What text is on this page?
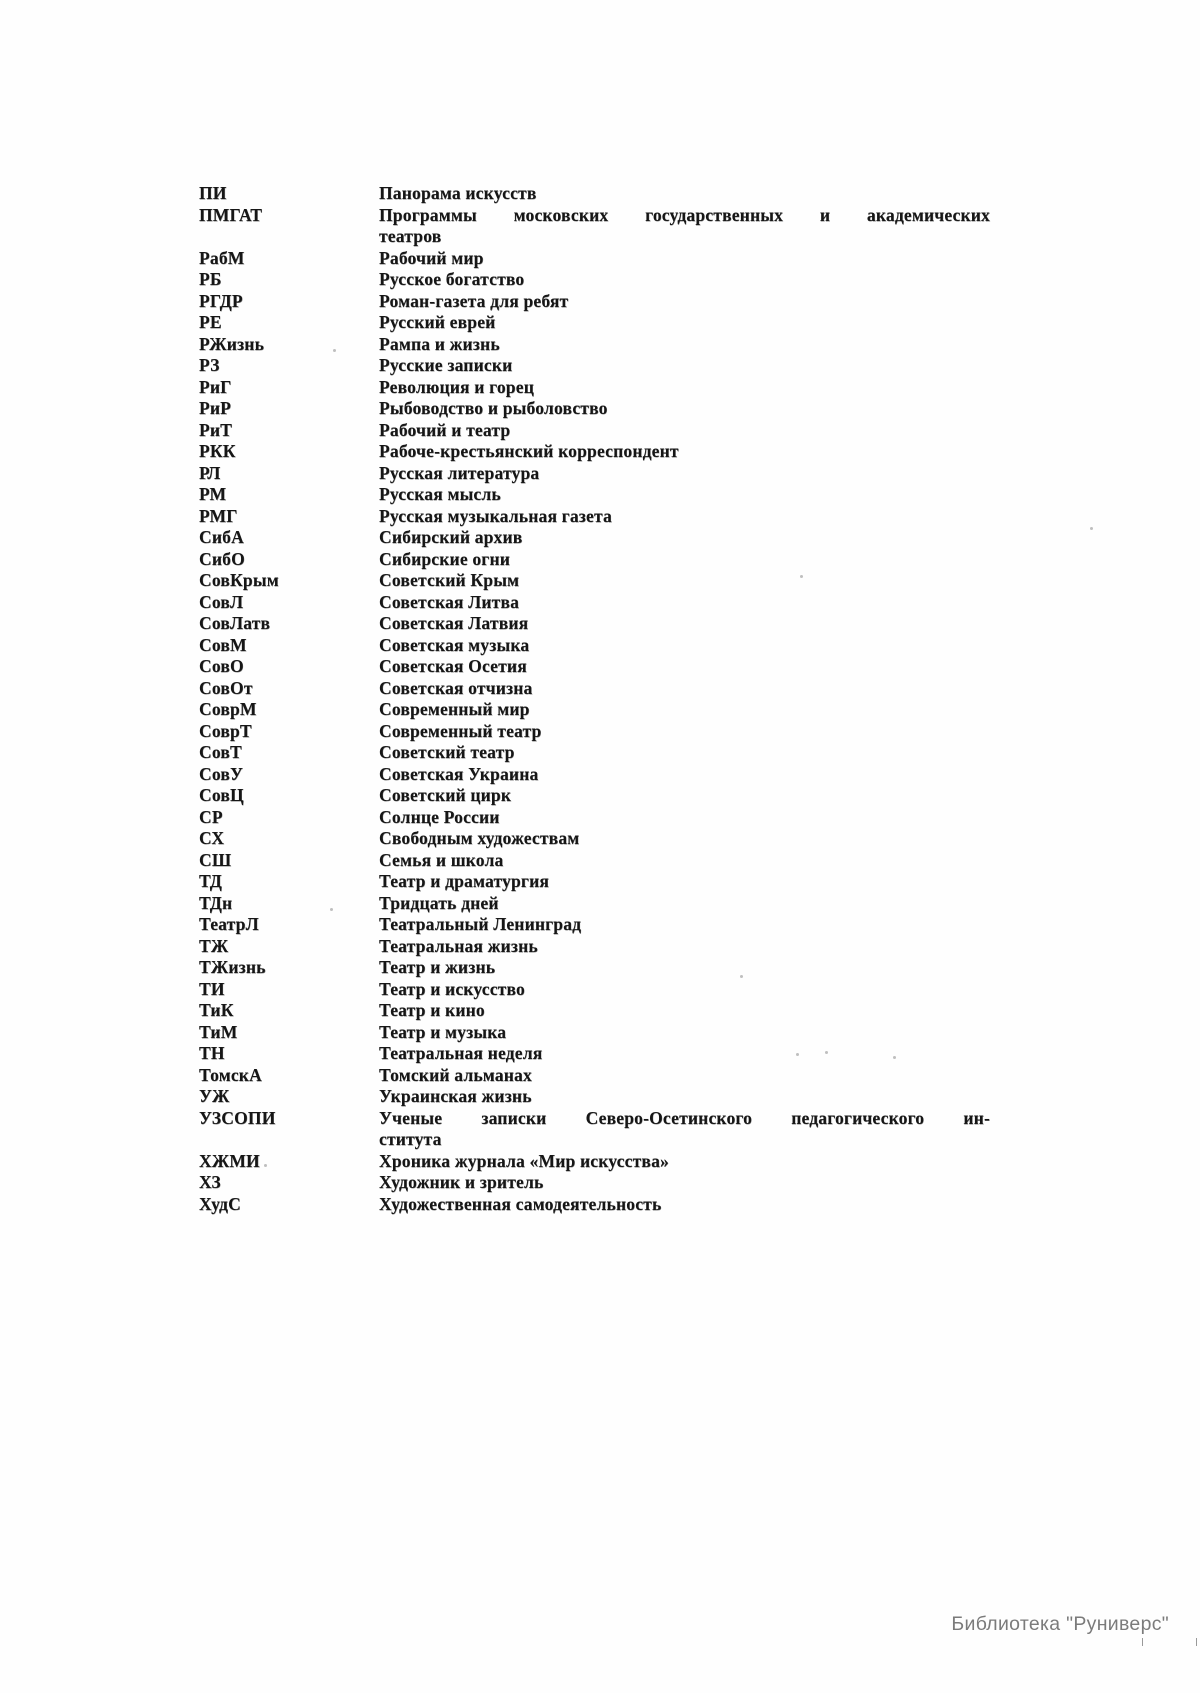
ПИ	Панорама искусств
ПМГАТ	Программы московских государственных и академических
театров
РабМ	Рабочий мир
РБ	Русское богатство
РГДР	Роман-газета для ребят
РЕ	Русский еврей
РЖизнь	Рампа и жизнь
РЗ	Русские записки
РиГ	Революция и горец
РиР	Рыбоводство и рыболовство
РиТ	Рабочий и театр
РКК	Рабоче-крестьянский корреспондент
РЛ	Русская литература
РМ	Русская мысль
РМГ	Русская музыкальная газета
СибА	Сибирский архив
СибО	Сибирские огни
СовКрым	Советский Крым
СовЛ	Советская Литва
СовЛатв	Советская Латвия
СовМ	Советская музыка
СовО	Советская Осетия
СовОт	Советская отчизна
СоврМ	Современный мир
СоврТ	Современный театр
СовТ	Советский театр
СовУ	Советская Украина
СовЦ	Советский цирк
СР	Солнце России
СХ	Свободным художествам
СШ	Семья и школа
ТД	Театр и драматургия
ТДн	Тридцать дней
ТеатрЛ	Театральный Ленинград
ТЖ	Театральная жизнь
ТЖизнь	Театр и жизнь
ТИ	Театр и искусство
ТиК	Театр и кино
ТиМ	Театр и музыка
ТН	Театральная неделя
ТомскА	Томский альманах
УЖ	Украинская жизнь
УЗСОПИ	Ученые записки Северо-Осетинского педагогического ин-
ститута
ХЖМИ	Хроника журнала «Мир искусства»
ХЗ	Художник и зритель
ХудС	Художественная самодеятельность
Библиотека "Руниверс"
